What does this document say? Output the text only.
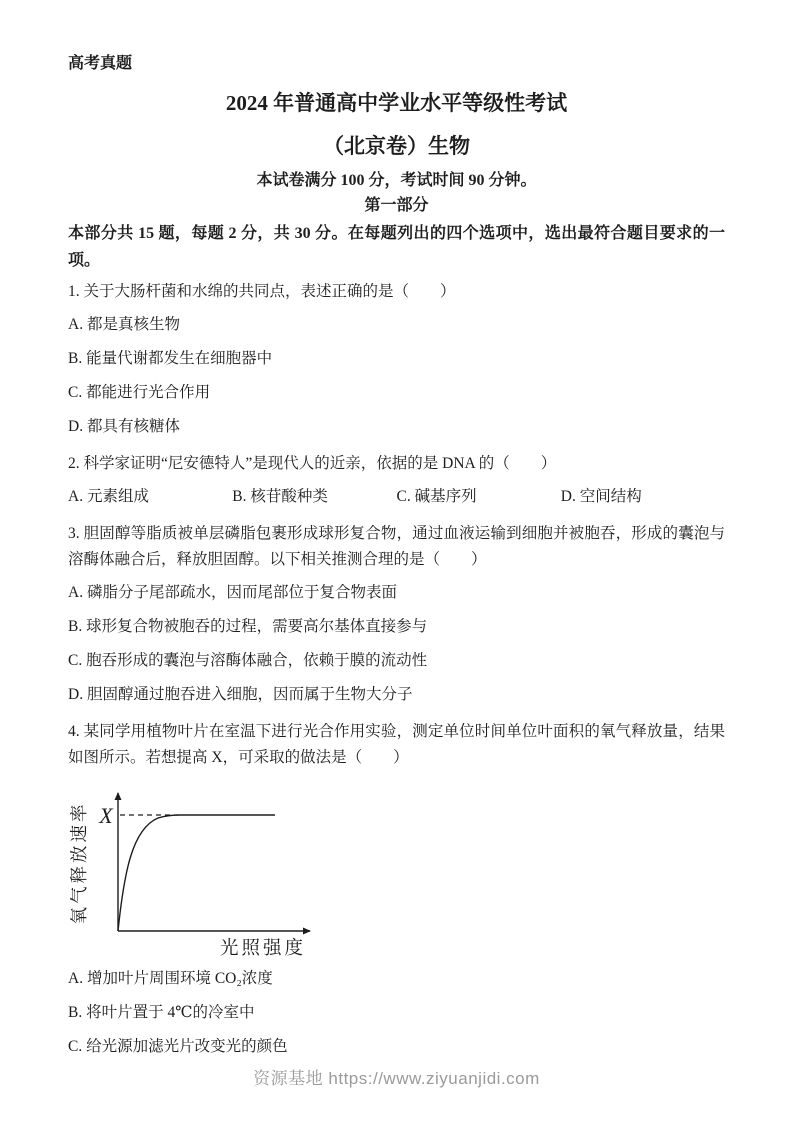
高考真题
2024 年普通高中学业水平等级性考试
（北京卷）生物
本试卷满分 100 分，考试时间 90 分钟。
第一部分
本部分共 15 题，每题 2 分，共 30 分。在每题列出的四个选项中，选出最符合题目要求的一项。
1. 关于大肠杆菌和水绵的共同点，表述正确的是（　　）
A. 都是真核生物
B. 能量代谢都发生在细胞器中
C. 都能进行光合作用
D. 都具有核糖体
2. 科学家证明“尼安德特人”是现代人的近亲，依据的是 DNA 的（　　）
A. 元素组成	B. 核苷酸种类	C. 碱基序列	D. 空间结构
3. 胆固醇等脂质被单层磷脂包裹形成球形复合物，通过血液运输到细胞并被胞吞，形成的囊泡与溶酶体融合后，释放胆固醇。以下相关推测合理的是（　　）
A. 磷脂分子尾部疏水，因而尾部位于复合物表面
B. 球形复合物被胞吞的过程，需要高尔基体直接参与
C. 胞吞形成的囊泡与溶酶体融合，依赖于膜的流动性
D. 胆固醇通过胞吞进入细胞，因而属于生物大分子
4. 某同学用植物叶片在室温下进行光合作用实验，测定单位时间单位叶面积的氧气释放量，结果如图所示。若想提高 X，可采取的做法是（　　）
X
氧气释放速率
光照强度
A. 增加叶片周围环境 CO₂浓度
B. 将叶片置于 4℃的冷室中
C. 给光源加滤光片改变光的颜色
资源基地 https://www.ziyuanjidi.com
